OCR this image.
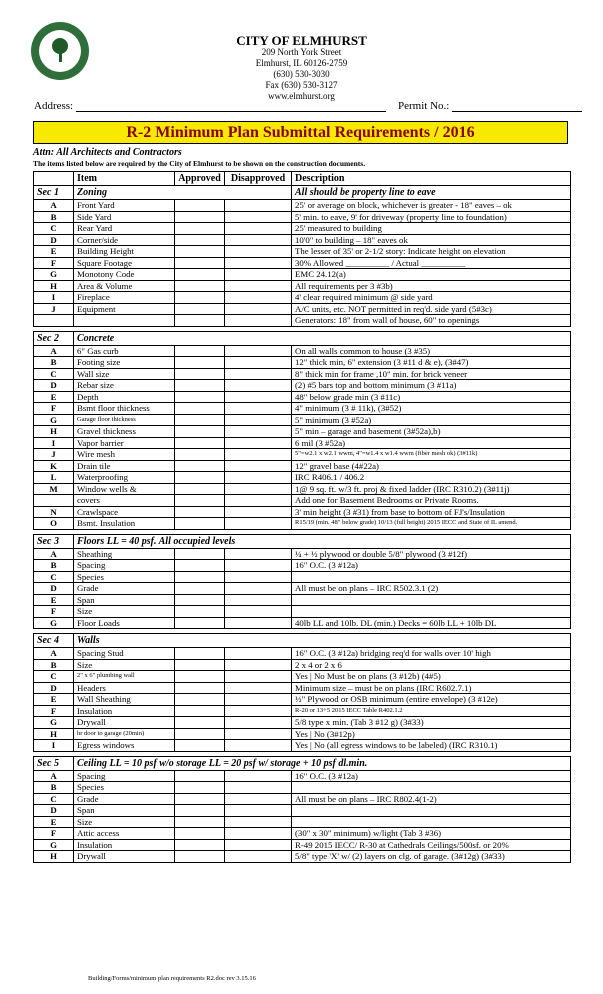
CITY OF ELMHURST
209 North York Street
Elmhurst, IL 60126-2759
(630) 530-3030
Fax (630) 530-3127
www.elmhurst.org
Address:	Permit No.:
R-2 Minimum Plan Submittal Requirements / 2016
Attn: All Architects and Contractors
The items listed below are required by the City of Elmhurst to be shown on the construction documents.
	Item	Approved	Disapproved	Description
Sec 1	Zoning			All should be property line to eave
A	Front Yard			25' or average on block, whichever is greater - 18" eaves – ok
B	Side Yard			5' min. to eave, 9' for driveway (property line to foundation)
C	Rear Yard			25' measured to building
D	Corner/side			10'0" to building – 18" eaves ok
E	Building Height			The lesser of 35' or 2-1/2 story: Indicate height on elevation
F	Square Footage			30% Allowed __________ / Actual __________
G	Monotony Code			EMC 24.12(a)
H	Area & Volume			All requirements per 3 #3b)
I	Fireplace			4' clear required minimum @ side yard
J	Equipment			A/C units, etc. NOT permitted in req'd. side yard (5#3c)
				Generators: 18" from wall of house, 60" to openings

Sec 2	Concrete			
A	6" Gas curb			On all walls common to house (3 #35)
B	Footing size			12" thick min, 6" extension (3 #11 d & e), (3#47)
C	Wall size			8" thick min for frame ,10" min. for brick veneer
D	Rebar size			(2) #5 bars top and bottom minimum (3 #11a)
E	Depth			48" below grade min (3 #11c)
F	Bsmt floor thickness			4" minimum (3 # 11k), (3#52)
G	Garage floor thickness			5" minimum (3 #52a)
H	Gravel thickness			5" min – garage and basement (3#52a),b)
I	Vapor barrier			6 mil (3 #52a)
J	Wire mesh			5"=w2.1 x w2.1 wwm, 4"=w1.4 x w1.4 wwm (fiber mesh ok) (3#11k)
K	Drain tile			12" gravel base (4#22a)
L	Waterproofing			IRC R406.1 / 406.2
M	Window wells &			1@ 9 sq. ft. w/3 ft. proj & fixed ladder (IRC R310.2) (3#11j)
	covers			Add one for Basement Bedrooms or Private Rooms.
N	Crawlspace			3' min height (3 #31) from base to bottom of FJ's/Insulation
O	Bsmt. Insulation			R15/19 (min. 48" below grade) 10/13 (full height) 2015 IECC and State of IL amend.

Sec 3	Floors LL = 40 psf. All occupied levels			
A	Sheathing			¼ + ½ plywood or double 5/8" plywood (3 #12f)
B	Spacing			16" O.C. (3 #12a)
C	Species			
D	Grade			All must be on plans – IRC R502.3.1 (2)
E	Span			
F	Size			
G	Floor Loads			40lb LL and 10lb. DL (min.) Decks = 60lb LL + 10lb DL

Sec 4	Walls			
A	Spacing Stud			16" O.C. (3 #12a) bridging req'd for walls over 10' high
B	Size			2 x 4 or 2 x 6
C	2" x 6" plumbing wall			Yes | No Must be on plans (3 #12b) (4#5)
D	Headers			Minimum size – must be on plans (IRC R602.7.1)
E	Wall Sheathing			½" Plywood or OSB minimum (entire envelope) (3 #12e)
F	Insulation			R-20 or 13+5 2015 IECC Table R402.1.2
G	Drywall			5/8 type x min. (Tab 3 #12 g) (3#33)
H	hr door to garage (20min)			Yes | No (3#12p)
I	Egress windows			Yes | No (all egress windows to be labeled) (IRC R310.1)

Sec 5	Ceiling LL = 10 psf w/o storage LL = 20 psf w/ storage + 10 psf dl.min.			
A	Spacing			16" O.C. (3 #12a)
B	Species			
C	Grade			All must be on plans – IRC R802.4(1-2)
D	Span			
E	Size			
F	Attic access			(30" x 30" minimum) w/light (Tab 3 #36)
G	Insulation			R-49 2015 IECC/ R-30 at Cathedrals Ceilings/500sf. or 20%
H	Drywall			5/8" type 'X' w/ (2) layers on clg. of garage. (3#12g) (3#33)
Building/Forms/minimum plan requirements R2.doc rev 3.15.16
